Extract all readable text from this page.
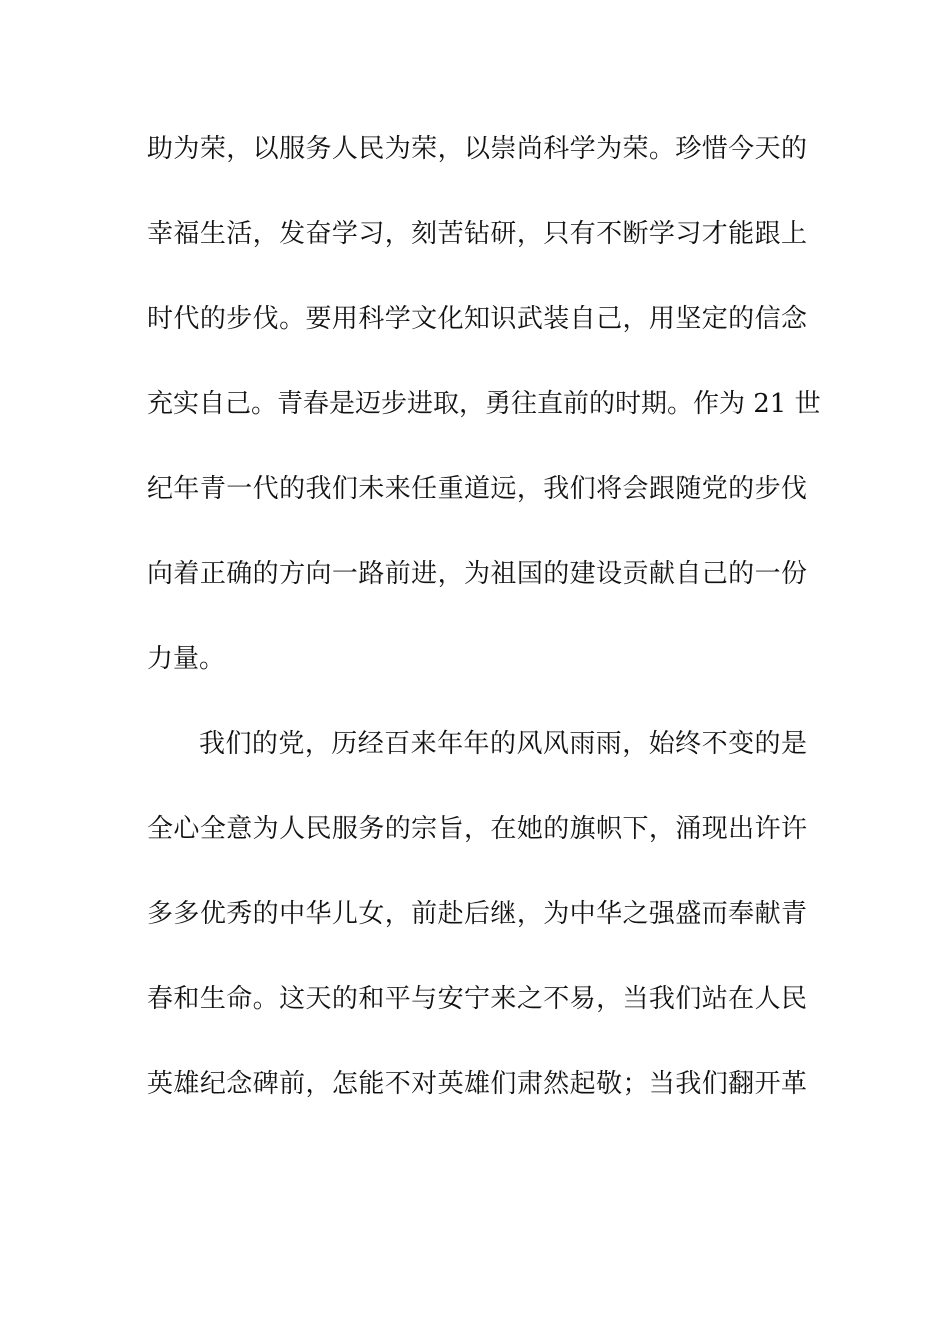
助为荣，以服务人民为荣，以崇尚科学为荣。珍惜今天的
幸福生活，发奋学习，刻苦钻研，只有不断学习才能跟上
时代的步伐。要用科学文化知识武装自己，用坚定的信念
充实自己。青春是迈步进取，勇往直前的时期。作为 21 世
纪年青一代的我们未来任重道远，我们将会跟随党的步伐
向着正确的方向一路前进，为祖国的建设贡献自己的一份
力量。
我们的党，历经百来年年的风风雨雨，始终不变的是
全心全意为人民服务的宗旨，在她的旗帜下，涌现出许许
多多优秀的中华儿女，前赴后继，为中华之强盛而奉献青
春和生命。这天的和平与安宁来之不易，当我们站在人民
英雄纪念碑前，怎能不对英雄们肃然起敬；当我们翻开革
